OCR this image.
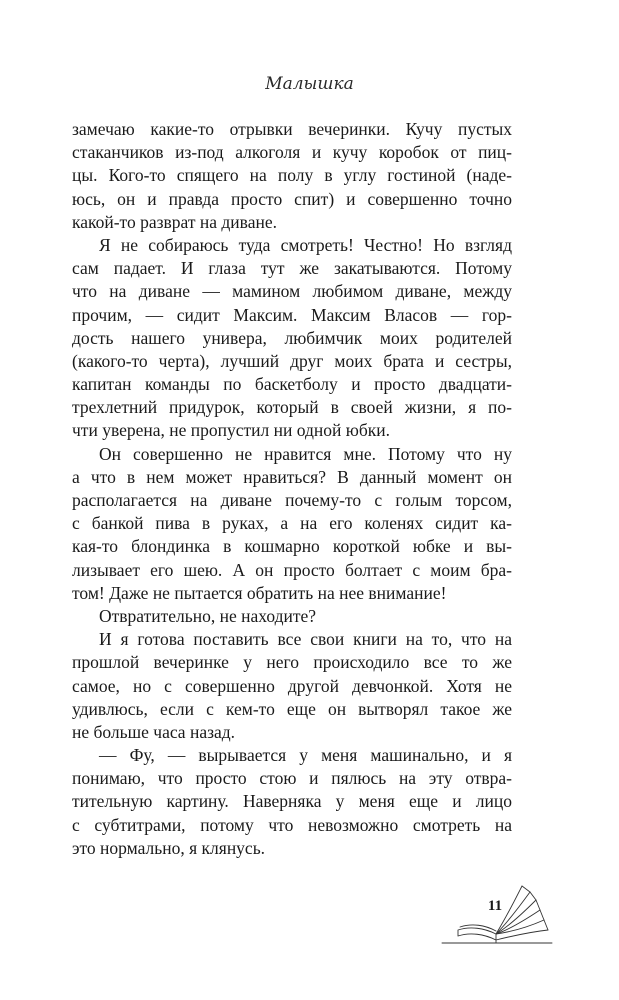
Малышка
замечаю какие-то отрывки вечеринки. Кучу пустых
стаканчиков из-под алкоголя и кучу коробок от пиц-
цы. Кого-то спящего на полу в углу гостиной (наде-
юсь, он и правда просто спит) и совершенно точно
какой-то разврат на диване.
Я не собираюсь туда смотреть! Честно! Но взгляд
сам падает. И глаза тут же закатываются. Потому
что на диване — мамином любимом диване, между
прочим, — сидит Максим. Максим Власов — гор-
дость нашего универа, любимчик моих родителей
(какого-то черта), лучший друг моих брата и сестры,
капитан команды по баскетболу и просто двадцати-
трехлетний придурок, который в своей жизни, я по-
чти уверена, не пропустил ни одной юбки.
Он совершенно не нравится мне. Потому что ну
а что в нем может нравиться? В данный момент он
располагается на диване почему-то с голым торсом,
с банкой пива в руках, а на его коленях сидит ка-
кая-то блондинка в кошмарно короткой юбке и вы-
лизывает его шею. А он просто болтает с моим бра-
том! Даже не пытается обратить на нее внимание!
Отвратительно, не находите?
И я готова поставить все свои книги на то, что на
прошлой вечеринке у него происходило все то же
самое, но с совершенно другой девчонкой. Хотя не
удивлюсь, если с кем-то еще он вытворял такое же
не больше часа назад.
— Фу, — вырывается у меня машинально, и я
понимаю, что просто стою и пялюсь на эту отвра-
тительную картину. Наверняка у меня еще и лицо
с субтитрами, потому что невозможно смотреть на
это нормально, я клянусь.
11
